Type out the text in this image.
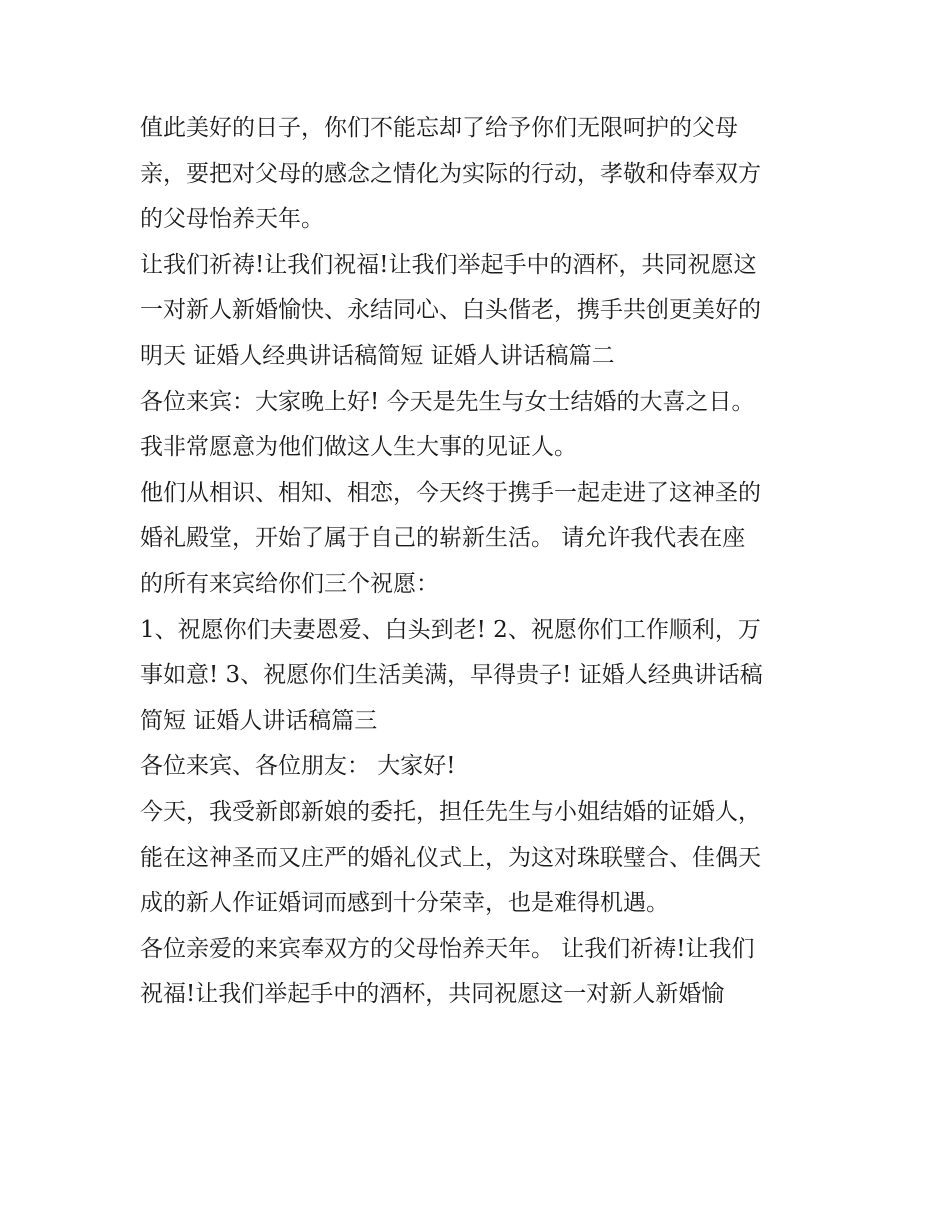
值此美好的日子，你们不能忘却了给予你们无限呵护的父母
亲，要把对父母的感念之情化为实际的行动，孝敬和侍奉双方
的父母怡养天年。
让我们祈祷!让我们祝福!让我们举起手中的酒杯，共同祝愿这
一对新人新婚愉快、永结同心、白头偕老，携手共创更美好的
明天 证婚人经典讲话稿简短 证婚人讲话稿篇二
各位来宾：大家晚上好! 今天是先生与女士结婚的大喜之日。
我非常愿意为他们做这人生大事的见证人。
他们从相识、相知、相恋，今天终于携手一起走进了这神圣的
婚礼殿堂，开始了属于自己的崭新生活。 请允许我代表在座
的所有来宾给你们三个祝愿：
1、祝愿你们夫妻恩爱、白头到老! 2、祝愿你们工作顺利，万
事如意! 3、祝愿你们生活美满，早得贵子! 证婚人经典讲话稿
简短 证婚人讲话稿篇三
各位来宾、各位朋友： 大家好!
今天，我受新郎新娘的委托，担任先生与小姐结婚的证婚人，
能在这神圣而又庄严的婚礼仪式上，为这对珠联璧合、佳偶天
成的新人作证婚词而感到十分荣幸，也是难得机遇。
各位亲爱的来宾奉双方的父母怡养天年。 让我们祈祷!让我们
祝福!让我们举起手中的酒杯，共同祝愿这一对新人新婚愉
